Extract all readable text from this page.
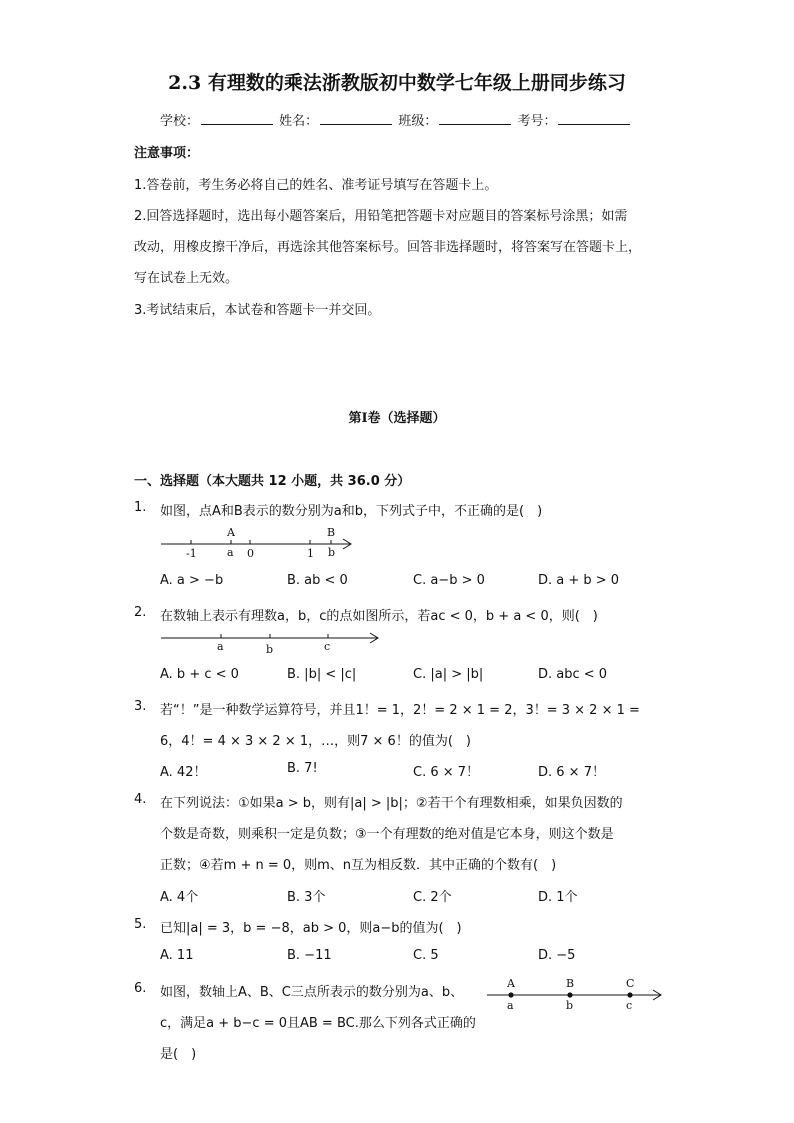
2.3 有理数的乘法浙教版初中数学七年级上册同步练习
学校：	姓名：	班级：	考号：
注意事项：
1.答卷前，考生务必将自己的姓名、准考证号填写在答题卡上。
2.回答选择题时，选出每小题答案后，用铅笔把答题卡对应题目的答案标号涂黑；如需
改动，用橡皮擦干净后，再选涂其他答案标号。回答非选择题时，将答案写在答题卡上，
写在试卷上无效。
3.考试结束后，本试卷和答题卡一并交回。
第Ⅰ卷（选择题）
一、选择题（本大题共 12 小题，共 36.0 分）
1. 如图，点A和B表示的数分别为a和b，下列式子中，不正确的是(　)
A	B
-1	a 0	1 b
A. a > −b	B. ab < 0	C. a−b > 0	D. a + b > 0
2. 在数轴上表示有理数a，b，c的点如图所示，若ac < 0，b + a < 0，则(　)
a	b	c
A. b + c < 0	B. |b| < |c|	C. |a| > |b|	D. abc < 0
3. 若“！”是一种数学运算符号，并且1！= 1，2！= 2 × 1 = 2，3！= 3 × 2 × 1 =
6，4！= 4 × 3 × 2 × 1，…，则7 × 6！的值为(　)
A. 42！	B. 7!	C. 6 × 7！	D. 6 × 7！
4. 在下列说法：①如果a > b，则有|a| > |b|；②若干个有理数相乘，如果负因数的
个数是奇数，则乘积一定是负数；③一个有理数的绝对值是它本身，则这个数是
正数；④若m + n = 0，则m、n互为相反数．其中正确的个数有(　)
A. 4个	B. 3个	C. 2个	D. 1个
5. 已知|a| = 3，b = −8，ab > 0，则a−b的值为(　)
A. 11	B. −11	C. 5	D. −5
6. 如图，数轴上A、B、C三点所表示的数分别为a、b、
c，满足a + b−c = 0且AB = BC.那么下列各式正确的
是(　)
A	B	C
a	b	c
